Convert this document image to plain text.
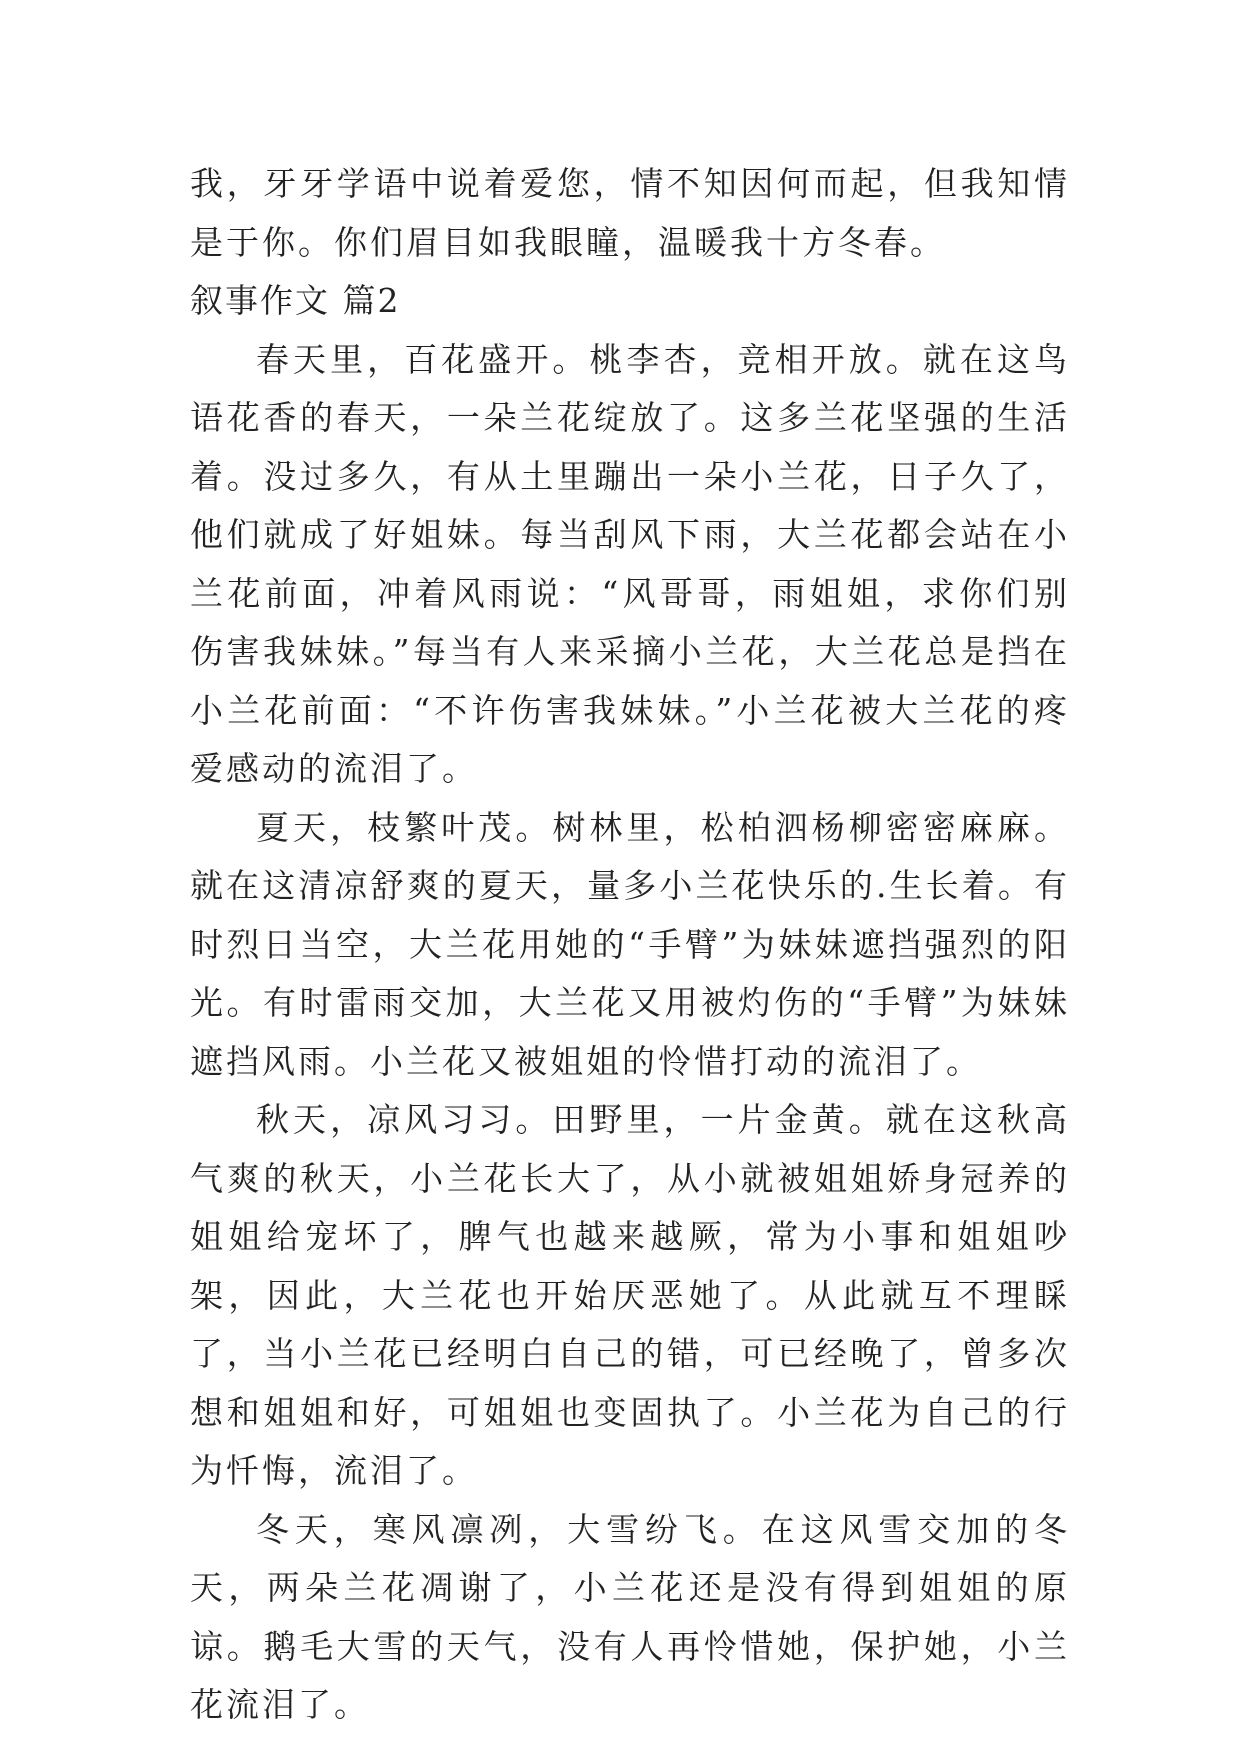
我，牙牙学语中说着爱您，情不知因何而起，但我知情是于你。你们眉目如我眼瞳，温暖我十方冬春。

叙事作文 篇2

春天里，百花盛开。桃李杏，竞相开放。就在这鸟语花香的春天，一朵兰花绽放了。这多兰花坚强的生活着。没过多久，有从土里蹦出一朵小兰花，日子久了，他们就成了好姐妹。每当刮风下雨，大兰花都会站在小兰花前面，冲着风雨说：“风哥哥，雨姐姐，求你们别伤害我妹妹。”每当有人来采摘小兰花，大兰花总是挡在小兰花前面：“不许伤害我妹妹。”小兰花被大兰花的疼爱感动的流泪了。

夏天，枝繁叶茂。树林里，松柏泗杨柳密密麻麻。就在这清凉舒爽的夏天，量多小兰花快乐的.生长着。有时烈日当空，大兰花用她的“手臂”为妹妹遮挡强烈的阳光。有时雷雨交加，大兰花又用被灼伤的“手臂”为妹妹遮挡风雨。小兰花又被姐姐的怜惜打动的流泪了。

秋天，凉风习习。田野里，一片金黄。就在这秋高气爽的秋天，小兰花长大了，从小就被姐姐娇身冠养的姐姐给宠坏了，脾气也越来越厥，常为小事和姐姐吵架，因此，大兰花也开始厌恶她了。从此就互不理睬了，当小兰花已经明白自己的错，可已经晚了，曾多次想和姐姐和好，可姐姐也变固执了。小兰花为自己的行为忏悔，流泪了。

冬天，寒风凛冽，大雪纷飞。在这风雪交加的冬天，两朵兰花凋谢了，小兰花还是没有得到姐姐的原谅。鹅毛大雪的天气，没有人再怜惜她，保护她，小兰花流泪了。
